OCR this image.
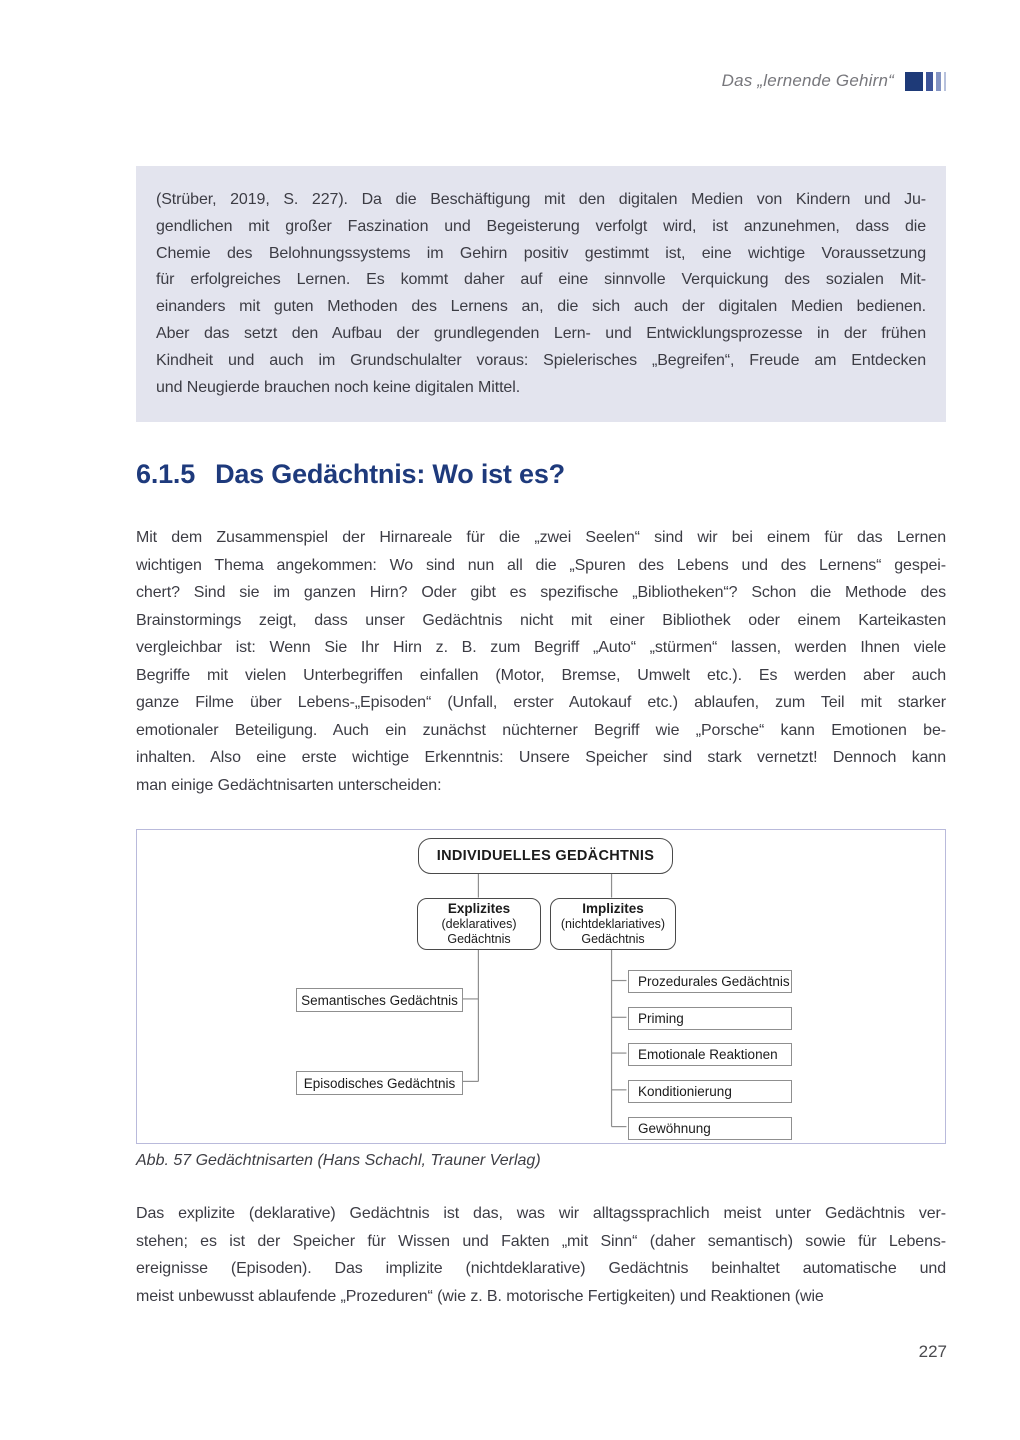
Das „lernende Gehirn“
(Strüber, 2019, S. 227). Da die Beschäftigung mit den digitalen Medien von Kindern und Ju-
gendlichen mit großer Faszination und Begeisterung verfolgt wird, ist anzunehmen, dass die
Chemie des Belohnungssystems im Gehirn positiv gestimmt ist, eine wichtige Voraussetzung
für erfolgreiches Lernen. Es kommt daher auf eine sinnvolle Verquickung des sozialen Mit-
einanders mit guten Methoden des Lernens an, die sich auch der digitalen Medien bedienen.
Aber das setzt den Aufbau der grundlegenden Lern- und Entwicklungsprozesse in der frühen
Kindheit und auch im Grundschulalter voraus: Spielerisches „Begreifen“, Freude am Entdecken
und Neugierde brauchen noch keine digitalen Mittel.
6.1.5 Das Gedächtnis: Wo ist es?
Mit dem Zusammenspiel der Hirnareale für die „zwei Seelen“ sind wir bei einem für das Lernen
wichtigen Thema angekommen: Wo sind nun all die „Spuren des Lebens und des Lernens“ gespei-
chert? Sind sie im ganzen Hirn? Oder gibt es spezifische „Bibliotheken“? Schon die Methode des
Brainstormings zeigt, dass unser Gedächtnis nicht mit einer Bibliothek oder einem Karteikasten
vergleichbar ist: Wenn Sie Ihr Hirn z. B. zum Begriff „Auto“ „stürmen“ lassen, werden Ihnen viele
Begriffe mit vielen Unterbegriffen einfallen (Motor, Bremse, Umwelt etc.). Es werden aber auch
ganze Filme über Lebens-„Episoden“ (Unfall, erster Autokauf etc.) ablaufen, zum Teil mit starker
emotionaler Beteiligung. Auch ein zunächst nüchterner Begriff wie „Porsche“ kann Emotionen be-
inhalten. Also eine erste wichtige Erkenntnis: Unsere Speicher sind stark vernetzt! Dennoch kann
man einige Gedächtnisarten unterscheiden:
INDIVIDUELLES GEDÄCHTNIS
Explizites
(deklaratives)
Gedächtnis
Implizites
(nichtdeklariatives)
Gedächtnis
Semantisches Gedächtnis
Episodisches Gedächtnis
Prozedurales Gedächtnis
Priming
Emotionale Reaktionen
Konditionierung
Gewöhnung
Abb. 57 Gedächtnisarten (Hans Schachl, Trauner Verlag)
Das explizite (deklarative) Gedächtnis ist das, was wir alltagssprachlich meist unter Gedächtnis ver-
stehen; es ist der Speicher für Wissen und Fakten „mit Sinn“ (daher semantisch) sowie für Lebens-
ereignisse (Episoden). Das implizite (nichtdeklarative) Gedächtnis beinhaltet automatische und
meist unbewusst ablaufende „Prozeduren“ (wie z. B. motorische Fertigkeiten) und Reaktionen (wie
227
